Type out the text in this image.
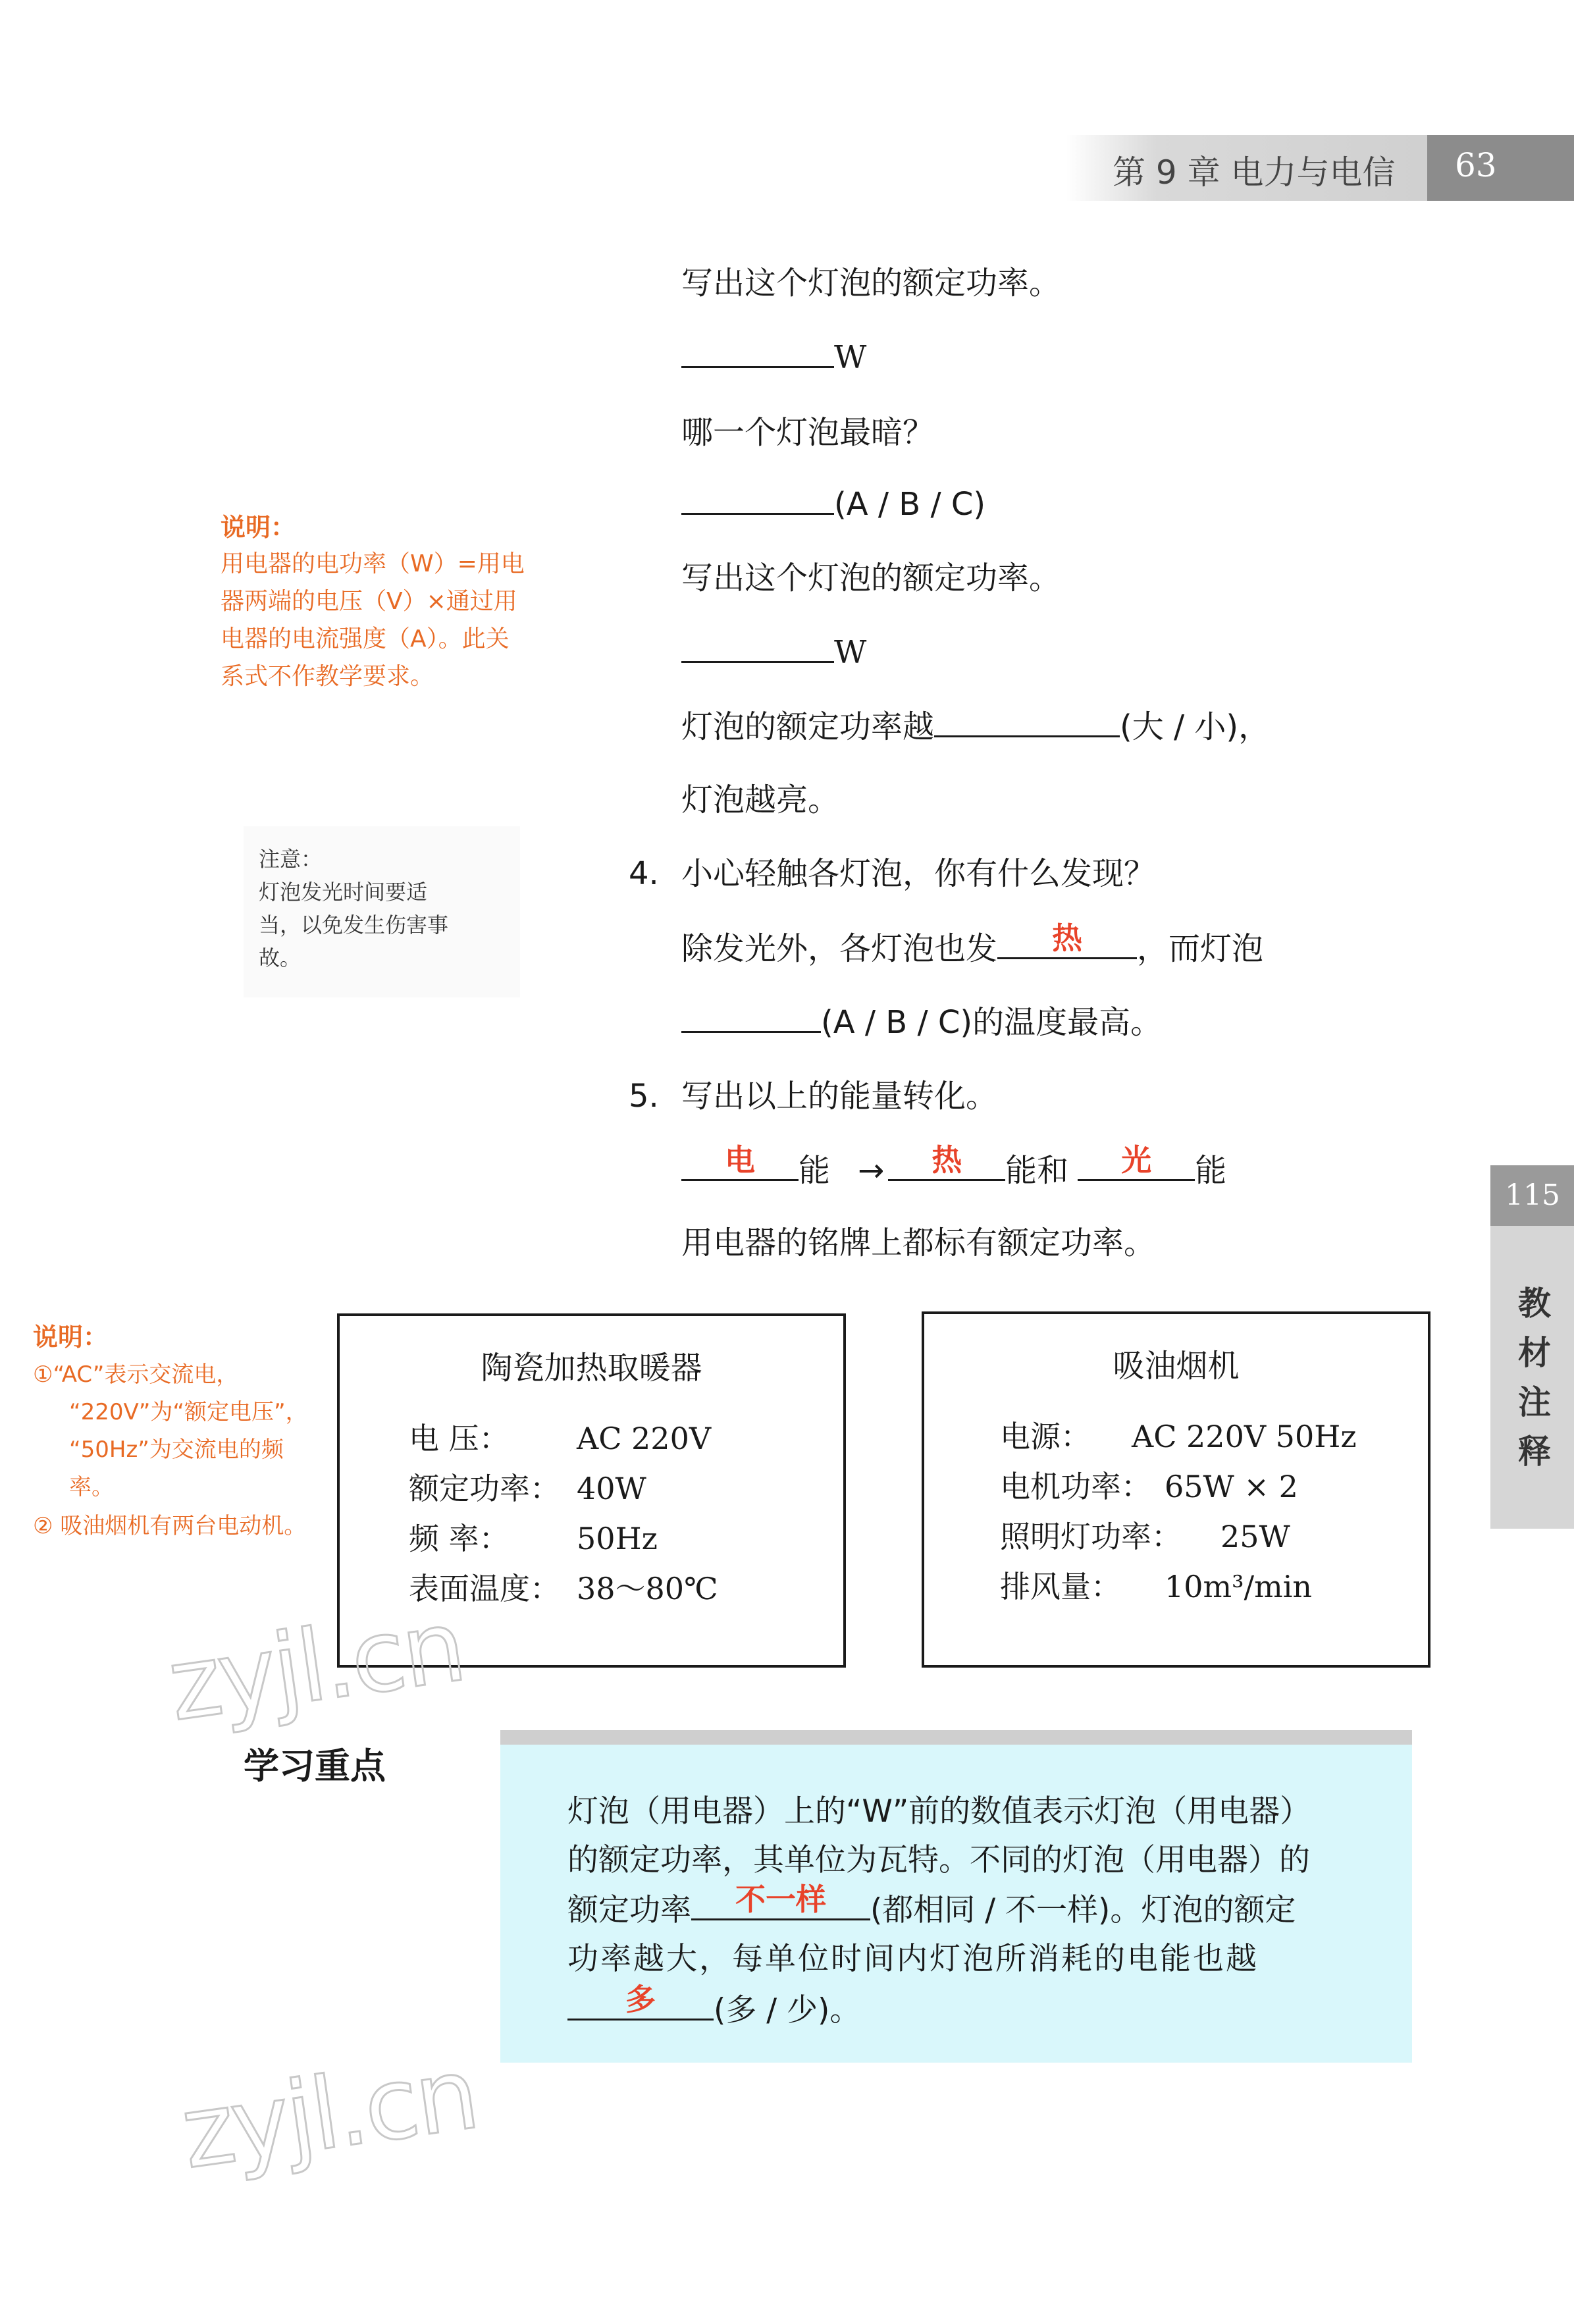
第 9 章 电力与电信 63
115
教
材
注
释
写出这个灯泡的额定功率。
W
哪一个灯泡最暗？
(A / B / C)
写出这个灯泡的额定功率。
W
灯泡的额定功率越	(大 / 小)，
灯泡越亮。
4. 小心轻触各灯泡，你有什么发现？
除发光外，各灯泡也发	热	，而灯泡
(A / B / C)的温度最高。
5. 写出以上的能量转化。
电	能 →	热	能和	光	能
用电器的铭牌上都标有额定功率。
说明：
用电器的电功率（W）=用电
器两端的电压（V）×通过用
电器的电流强度（A）。此关
系式不作教学要求。
注意：
灯泡发光时间要适
当，以免发生伤害事
故。
说明：
①“AC”表示交流电，
“220V”为“额定电压”，
“50Hz”为交流电的频
率。
② 吸油烟机有两台电动机。
陶瓷加热取暖器
电 压： AC 220V
额定功率： 40W
频 率： 50Hz
表面温度： 38～80℃
吸油烟机
电源： AC 220V 50Hz
电机功率： 65W × 2
照明灯功率： 25W
排风量： 10m³/min
zyjl.cn
学习重点
灯泡（用电器）上的“W”前的数值表示灯泡（用电器）
的额定功率，其单位为瓦特。不同的灯泡（用电器）的
额定功率	不一样	(都相同 / 不一样)。灯泡的额定
功率越大，每单位时间内灯泡所消耗的电能也越
多	(多 / 少)。
zyjl.cn
